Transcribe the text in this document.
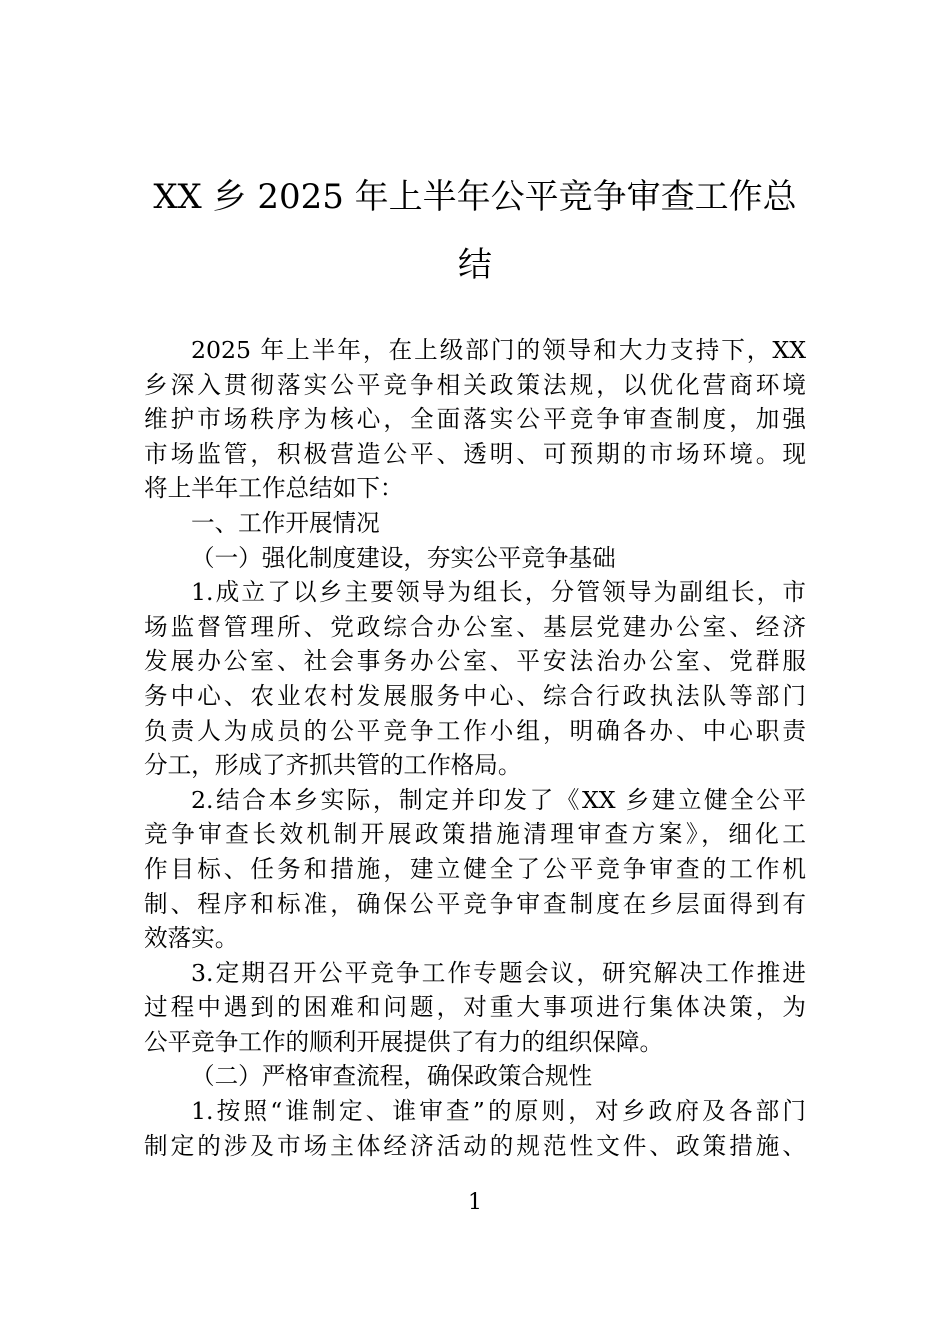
XX 乡 2025 年上半年公平竞争审查工作总
结

2025 年上半年，在上级部门的领导和大力支持下，XX
乡深入贯彻落实公平竞争相关政策法规，以优化营商环境
维护市场秩序为核心，全面落实公平竞争审查制度，加强
市场监管，积极营造公平、透明、可预期的市场环境。现
将上半年工作总结如下：

一、工作开展情况

（一）强化制度建设，夯实公平竞争基础

1.成立了以乡主要领导为组长，分管领导为副组长，市
场监督管理所、党政综合办公室、基层党建办公室、经济
发展办公室、社会事务办公室、平安法治办公室、党群服
务中心、农业农村发展服务中心、综合行政执法队等部门
负责人为成员的公平竞争工作小组，明确各办、中心职责
分工，形成了齐抓共管的工作格局。

2.结合本乡实际，制定并印发了《XX 乡建立健全公平
竞争审查长效机制开展政策措施清理审查方案》，细化工
作目标、任务和措施，建立健全了公平竞争审查的工作机
制、程序和标准，确保公平竞争审查制度在乡层面得到有
效落实。

3.定期召开公平竞争工作专题会议，研究解决工作推进
过程中遇到的困难和问题，对重大事项进行集体决策，为
公平竞争工作的顺利开展提供了有力的组织保障。

（二）严格审查流程，确保政策合规性

1.按照“谁制定、谁审查”的原则，对乡政府及各部门
制定的涉及市场主体经济活动的规范性文件、政策措施、

1
